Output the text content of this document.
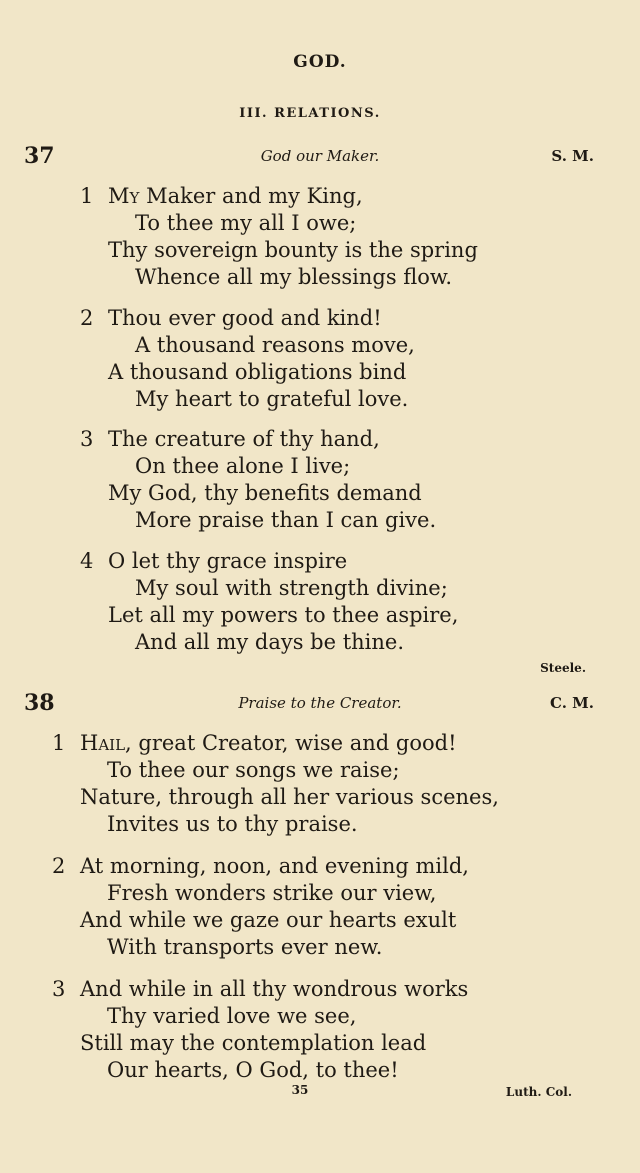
GOD.
III. RELATIONS.
37	God our Maker.	S. M.
1 My Maker and my King,
To thee my all I owe;
Thy sovereign bounty is the spring
Whence all my blessings flow.
2 Thou ever good and kind!
A thousand reasons move,
A thousand obligations bind
My heart to grateful love.
3 The creature of thy hand,
On thee alone I live;
My God, thy benefits demand
More praise than I can give.
4 O let thy grace inspire
My soul with strength divine;
Let all my powers to thee aspire,
And all my days be thine.
Steele.
38	Praise to the Creator.	C. M.
1 Hail, great Creator, wise and good!
To thee our songs we raise;
Nature, through all her various scenes,
Invites us to thy praise.
2 At morning, noon, and evening mild,
Fresh wonders strike our view,
And while we gaze our hearts exult
With transports ever new.
3 And while in all thy wondrous works
Thy varied love we see,
Still may the contemplation lead
Our hearts, O God, to thee!
35	Luth. Col.
